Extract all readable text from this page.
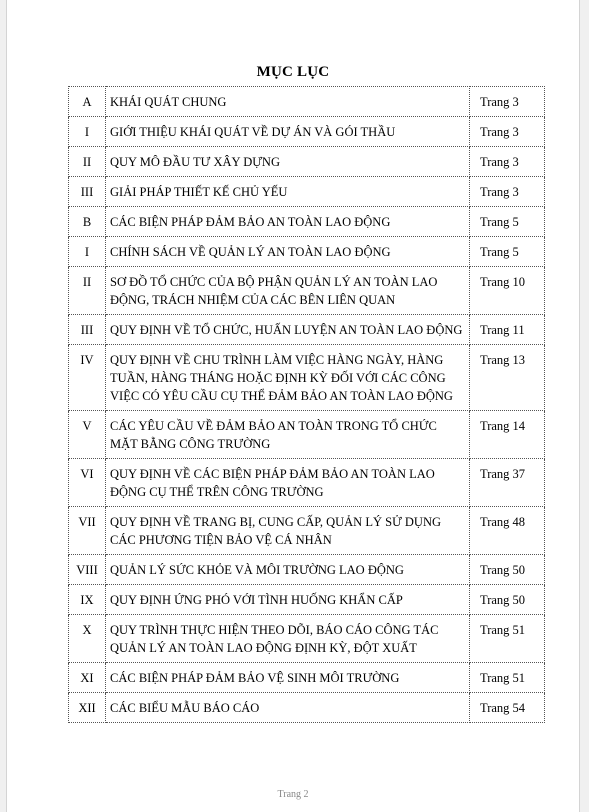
MỤC LỤC
A	KHÁI QUÁT CHUNG	Trang 3
I	GIỚI THIỆU KHÁI QUÁT VỀ DỰ ÁN VÀ GÓI THẦU	Trang 3
II	QUY MÔ ĐẦU TƯ XÂY DỰNG	Trang 3
III	GIẢI PHÁP THIẾT KẾ CHỦ YẾU	Trang 3
B	CÁC BIỆN PHÁP ĐẢM BẢO AN TOÀN LAO ĐỘNG	Trang 5
I	CHÍNH SÁCH VỀ QUẢN LÝ AN TOÀN LAO ĐỘNG	Trang 5
II	SƠ ĐỒ TỔ CHỨC CỦA BỘ PHẬN QUẢN LÝ AN TOÀN LAO ĐỘNG, TRÁCH NHIỆM CỦA CÁC BÊN LIÊN QUAN	Trang 10
III	QUY ĐỊNH VỀ TỔ CHỨC, HUẤN LUYỆN AN TOÀN LAO ĐỘNG	Trang 11
IV	QUY ĐỊNH VỀ CHU TRÌNH LÀM VIỆC HÀNG NGÀY, HÀNG TUẦN, HÀNG THÁNG HOẶC ĐỊNH KỲ ĐỐI VỚI CÁC CÔNG VIỆC CÓ YÊU CẦU CỤ THỂ ĐẢM BẢO AN TOÀN LAO ĐỘNG	Trang 13
V	CÁC YÊU CẦU VỀ ĐẢM BẢO AN TOÀN TRONG TỔ CHỨC MẶT BẰNG CÔNG TRƯỜNG	Trang 14
VI	QUY ĐỊNH VỀ CÁC BIỆN PHÁP ĐẢM BẢO AN TOÀN LAO ĐỘNG CỤ THỂ TRÊN CÔNG TRƯỜNG	Trang 37
VII	QUY ĐỊNH VỀ TRANG BỊ, CUNG CẤP, QUẢN LÝ SỬ DỤNG CÁC PHƯƠNG TIỆN BẢO VỆ CÁ NHÂN	Trang 48
VIII	QUẢN LÝ SỨC KHỎE VÀ MÔI TRƯỜNG LAO ĐỘNG	Trang 50
IX	QUY ĐỊNH ỨNG PHÓ VỚI TÌNH HUỐNG KHẨN CẤP	Trang 50
X	QUY TRÌNH THỰC HIỆN THEO DÕI, BÁO CÁO CÔNG TÁC QUẢN LÝ AN TOÀN LAO ĐỘNG ĐỊNH KỲ, ĐỘT XUẤT	Trang 51
XI	CÁC BIỆN PHÁP ĐẢM BẢO VỆ SINH MÔI TRƯỜNG	Trang 51
XII	CÁC BIỂU MẪU BÁO CÁO	Trang 54
Trang 2
